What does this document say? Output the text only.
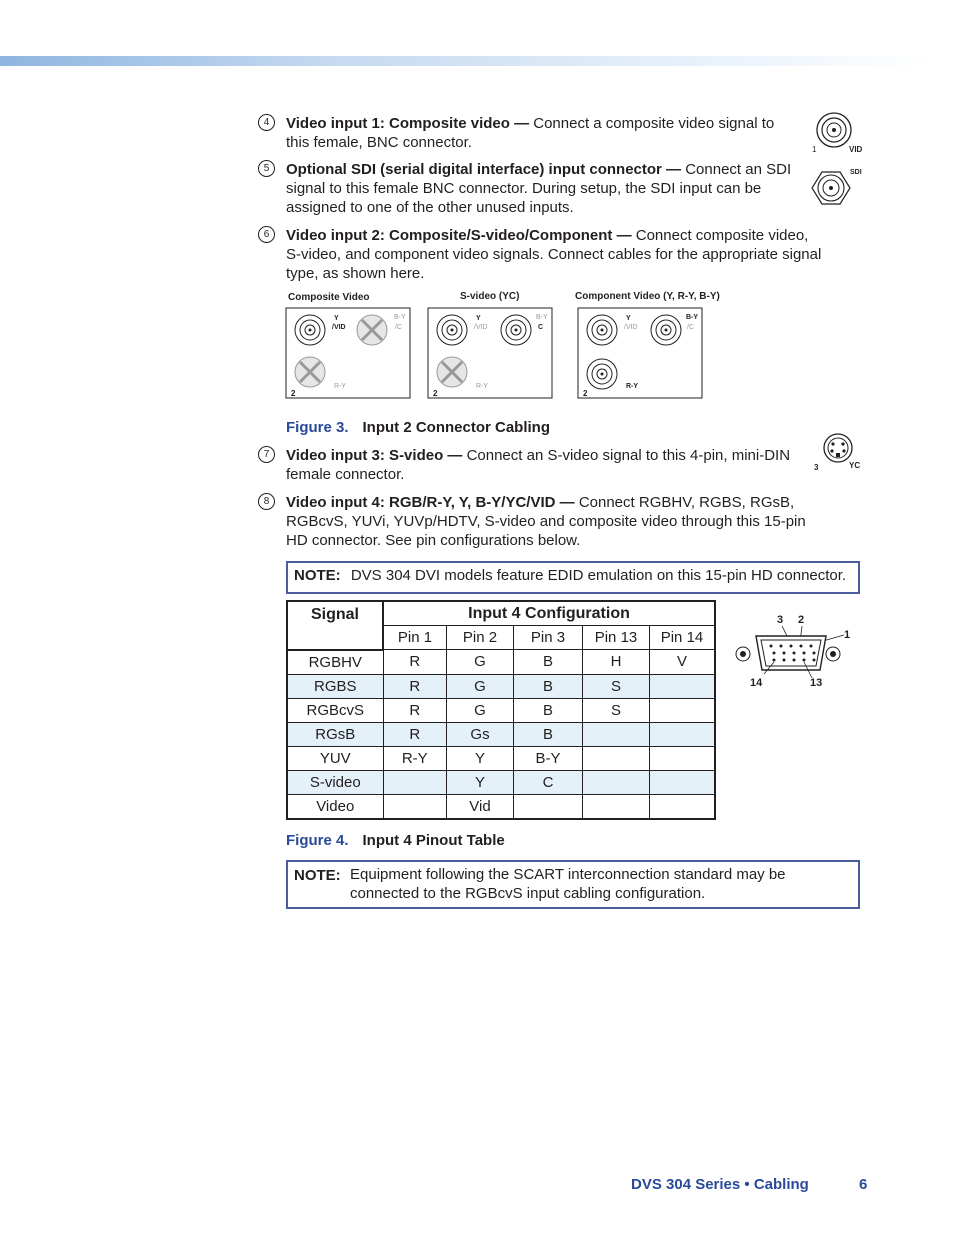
4	Video input 1: Composite video — Connect a composite video signal to this female, BNC connector.	1	VID
5	Optional SDI (serial digital interface) input connector — Connect an SDI signal to this female BNC connector. During setup, the SDI input can be assigned to one of the other unused inputs.
SDI
6	Video input 2: Composite/S-video/Component — Connect composite video, S-video, and component video signals. Connect cables for the appropriate signal type, as shown here.
Composite Video
Y
/VID
B-Y
/C
R-Y
2
S-video (YC)
Y
/VID
B-Y
C
R-Y
2
Component Video (Y, R-Y, B-Y)
Y
/VID
B-Y
/C
R-Y
2
Figure 3. Input 2 Connector Cabling
7	Video input 3: S-video — Connect an S-video signal to this 4-pin, mini-DIN female connector.	3	YC
8	Video input 4: RGB/R-Y, Y, B-Y/YC/VID — Connect RGBHV, RGBS, RGsB, RGBcvS, YUVi, YUVp/HDTV, S-video and composite video through this 15-pin HD connector. See pin configurations below.
NOTE: DVS 304 DVI models feature EDID emulation on this 15-pin HD connector.
Signal	Input 4 Configuration				
	Pin 1	Pin 2	Pin 3	Pin 13	Pin 14
RGBHV	R	G	B	H	V
RGBS	R	G	B	S	
RGBcvS	R	G	B	S	
RGsB	R	Gs	B		
YUV	R-Y	Y	B-Y		
S-video		Y	C		
Video		Vid			
3 2
1
14	13
Figure 4. Input 4 Pinout Table
NOTE: Equipment following the SCART interconnection standard may be connected to the RGBcvS input cabling configuration.
DVS 304 Series • Cabling	6
